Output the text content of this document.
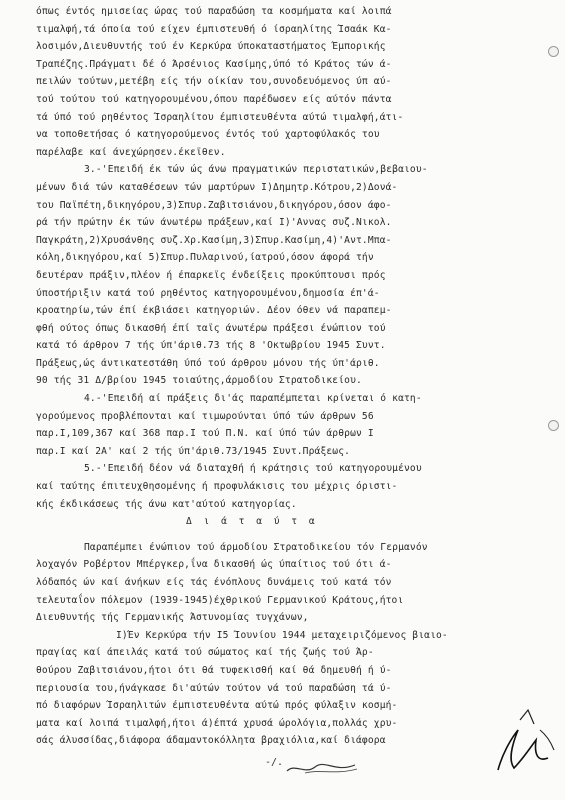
όπως έντός ημισείας ώρας τού παραδώση τα κοσμήματα καί λοιπά
τιμαλφή,τά όποία τού είχεν έμπιστευθή ό ίσραηλίτης Ίσαάκ Κα-
λοσιμόν,Διευθυντής τού έν Κερκύρα ύποκαταστήματος Έμπορικής
Τραπέζης.Πράγματι δέ ό Άρσένιος Κασίμης,ύπό τό Κράτος τών ά-
πειλών τούτων,μετέβη είς τήν οίκίαν του,συνοδευόμενος ύπ αύ-
τού τούτου τού κατηγορουμένου,όπου παρέδωσεν είς αύτόν πάντα
τά ύπό τού ρηθέντος Ίσραηλίτου έμπιστευθέντα αύτώ τιμαλφή,άτι-
να τοποθετήσας ό κατηγορούμενος έντός τού χαρτοφύλακός του
παρέλαβε καί άνεχώρησεν.έκεϊθεν.
3.-'Επειδή έκ τών ώς άνω πραγματικών περιστατικών,βεβαιου-
μένων διά τών καταθέσεων τών μαρτύρων Ι)Δημητρ.Κότρου,2)Δονά-
του Παϊπέτη,δικηγόρου,3)Σπυρ.Ζαβιτσιάνου,δικηγόρου,όσον άφο-
ρά τήν πρώτην έκ τών άνωτέρω πράξεων,καί Ι)'Αννας συζ.Νικολ.
Παγκράτη,2)Χρυσάνθης συζ.Χρ.Κασίμη,3)Σπυρ.Κασίμη,4)'Αντ.Μπα-
κόλη,δικηγόρου,καί 5)Σπυρ.Πυλαρινού,ίατρού,όσον άφορά τήν
δευτέραν πράξιν,πλέον ή έπαρκεϊς ένδείξεις προκύπτουσι πρός
ύποστήριξιν κατά τού ρηθέντος κατηγορουμένου,δημοσία έπ'ά-
κροατηρίω,τών έπί έκβιάσει κατηγοριών. Δέον όθεν νά παραπεμ-
φθή ούτος όπως δικασθή έπί ταϊς άνωτέρω πράξεσι ένώπιον τού
κατά τό άρθρον 7 τής ύπ'άριθ.73 τής 8 'Οκτωβρίου 1945 Συντ.
Πράξεως,ώς άντικατεστάθη ύπό τού άρθρου μόνου τής ύπ'άριθ.
90 τής 31 Δ/βρίου 1945 τοιαύτης,άρμοδίου Στρατοδικείου.
4.-'Επειδή αί πράξεις δι'άς παραπέμπεται κρίνεται ό κατη-
γορούμενος προβλέπονται καί τιμωρούνται ύπό τών άρθρων 56
παρ.Ι,109,367 καί 368 παρ.Ι τού Π.Ν. καί ύπό τών άρθρων Ι
παρ.Ι καί 2Α' καί 2 τής ύπ'άριθ.73/1945 Συντ.Πράξεως.
5.-'Επειδή δέον νά διαταχθή ή κράτησις τού κατηγορουμένου
καί ταύτης έπιτευχθησομένης ή προφυλάκισις του μέχρις όριστι-
κής έκδικάσεως τής άνω κατ'αύτού κατηγορίας.
Δ ι ά τ α ύ τ α
Παραπέμπει ένώπιον τού άρμοδίου Στρατοδικείου τόν Γερμανόν
λοχαγόν Ροβέρτον Μπέργκερ,ΐνα δικασθή ώς ύπαίτιος τού ότι ά-
λόδαπός ών καί άνήκων είς τάς ένόπλους δυνάμεις τού κατά τόν
τελευταΐον πόλεμον (1939-1945)έχθρικού Γερμανικού Κράτους,ήτοι
Διευθυντής τής Γερμανικής Άστυνομίας τυγχάνων,
Ι)Έν Κερκύρα τήν Ι5 Ίουνίου 1944 μεταχειριζόμενος βιαιο-
πραγίας καί άπειλάς κατά τού σώματος καί τής ζωής τού Άρ-
θούρου Ζαβιτσιάνου,ήτοι ότι θά τυφεκισθή καί θά δημευθή ή ύ-
περιουσία του,ήνάγκασε δι'αύτών τούτον νά τού παραδώση τά ύ-
πό διαφόρων Ίσραηλιτών έμπιστευθέντα αύτώ πρός φύλαξιν κοσμή-
ματα καί λοιπά τιμαλφή,ήτοι ά)έπτά χρυσά ώρολόγια,πολλάς χρυ-
σάς άλυσσίδας,διάφορα άδαμαντοκόλλητα βραχιόλια,καί διάφορα
-/.
